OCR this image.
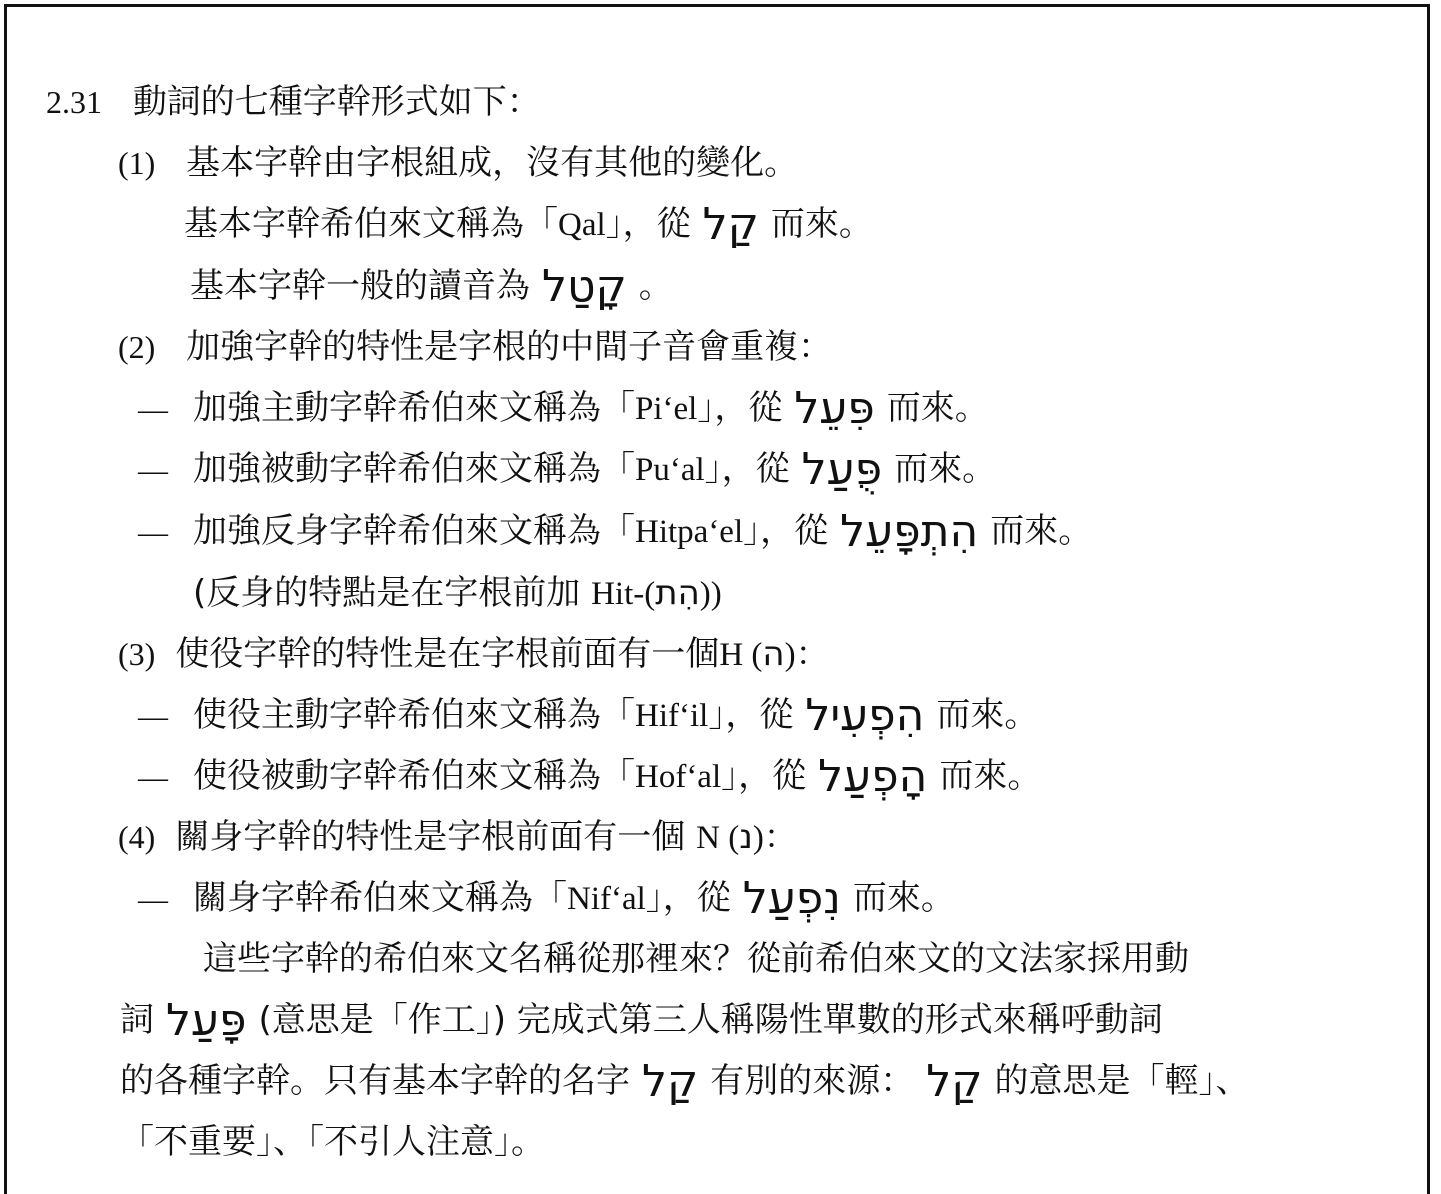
2.31 動詞的七種字幹形式如下：
(1) 基本字幹由字根組成，沒有其他的變化。
基本字幹希伯來文稱為「Qal」，從 קַל 而來。
基本字幹一般的讀音為 קָטַל 。
(2) 加強字幹的特性是字根的中間子音會重複：
— 加強主動字幹希伯來文稱為「Pi‘el」，從 פִּעֵל 而來。
— 加強被動字幹希伯來文稱為「Pu‘al」，從 פֻּעַל 而來。
— 加強反身字幹希伯來文稱為「Hitpa‘el」，從 הִתְפָּעֵל 而來。
(反身的特點是在字根前加 Hit-(הִת))
(3) 使役字幹的特性是在字根前面有一個H (ה)：
— 使役主動字幹希伯來文稱為「Hif‘il」，從 הִפְעִיל 而來。
— 使役被動字幹希伯來文稱為「Hof‘al」，從 הָפְעַל 而來。
(4) 關身字幹的特性是字根前面有一個 N (נ)：
— 關身字幹希伯來文稱為「Nif‘al」，從 נִפְעַל 而來。
這些字幹的希伯來文名稱從那裡來？從前希伯來文的文法家採用動
詞 פָּעַל (意思是「作工」) 完成式第三人稱陽性單數的形式來稱呼動詞
的各種字幹。只有基本字幹的名字 קַל 有別的來源： קַל 的意思是「輕」、
「不重要」、「不引人注意」。
